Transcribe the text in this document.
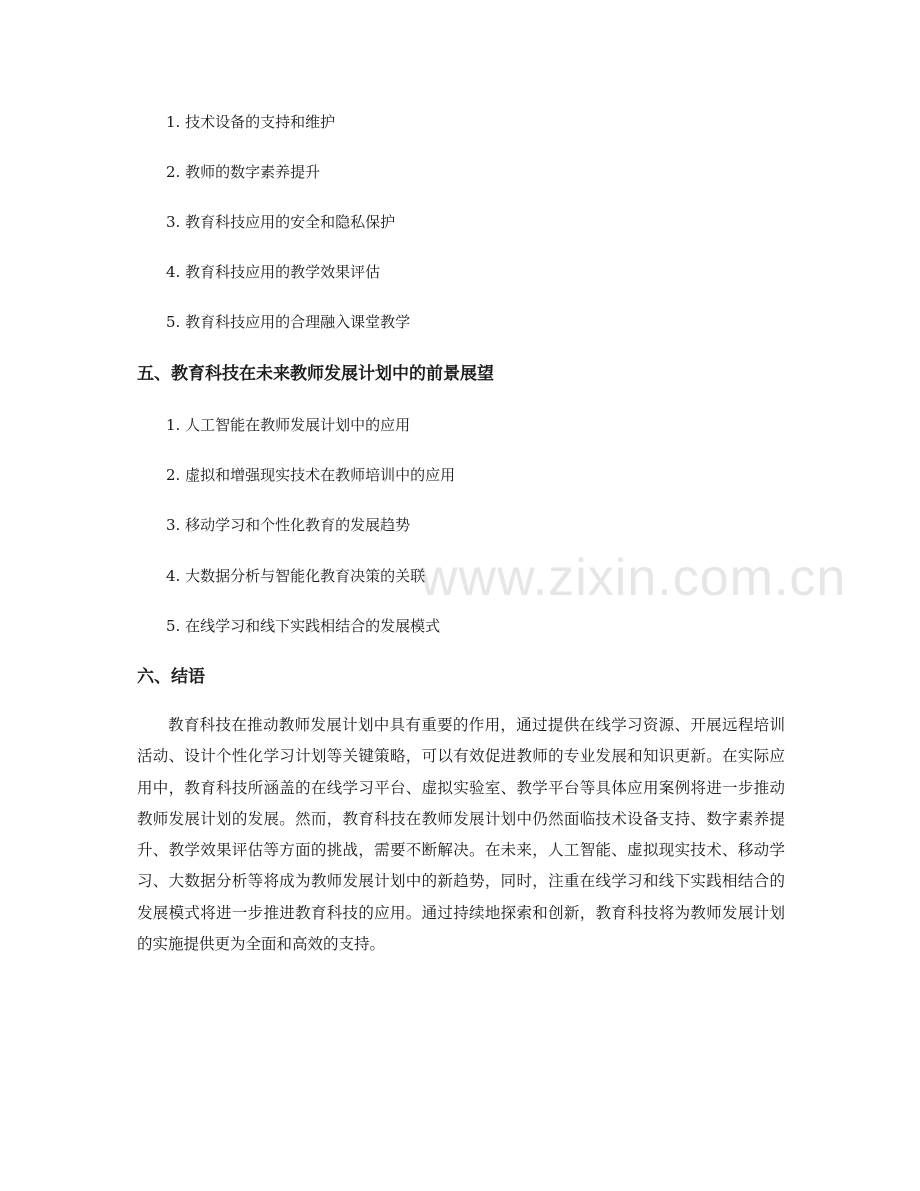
www.zixin.com.cn
1. 技术设备的支持和维护
2. 教师的数字素养提升
3. 教育科技应用的安全和隐私保护
4. 教育科技应用的教学效果评估
5. 教育科技应用的合理融入课堂教学
五、教育科技在未来教师发展计划中的前景展望
1. 人工智能在教师发展计划中的应用
2. 虚拟和增强现实技术在教师培训中的应用
3. 移动学习和个性化教育的发展趋势
4. 大数据分析与智能化教育决策的关联
5. 在线学习和线下实践相结合的发展模式
六、结语

教育科技在推动教师发展计划中具有重要的作用，通过提供在线学习资源、开展远程培训活动、设计个性化学习计划等关键策略，可以有效促进教师的专业发展和知识更新。在实际应用中，教育科技所涵盖的在线学习平台、虚拟实验室、教学平台等具体应用案例将进一步推动教师发展计划的发展。然而，教育科技在教师发展计划中仍然面临技术设备支持、数字素养提升、教学效果评估等方面的挑战，需要不断解决。在未来，人工智能、虚拟现实技术、移动学习、大数据分析等将成为教师发展计划中的新趋势，同时，注重在线学习和线下实践相结合的发展模式将进一步推进教育科技的应用。通过持续地探索和创新，教育科技将为教师发展计划的实施提供更为全面和高效的支持。
